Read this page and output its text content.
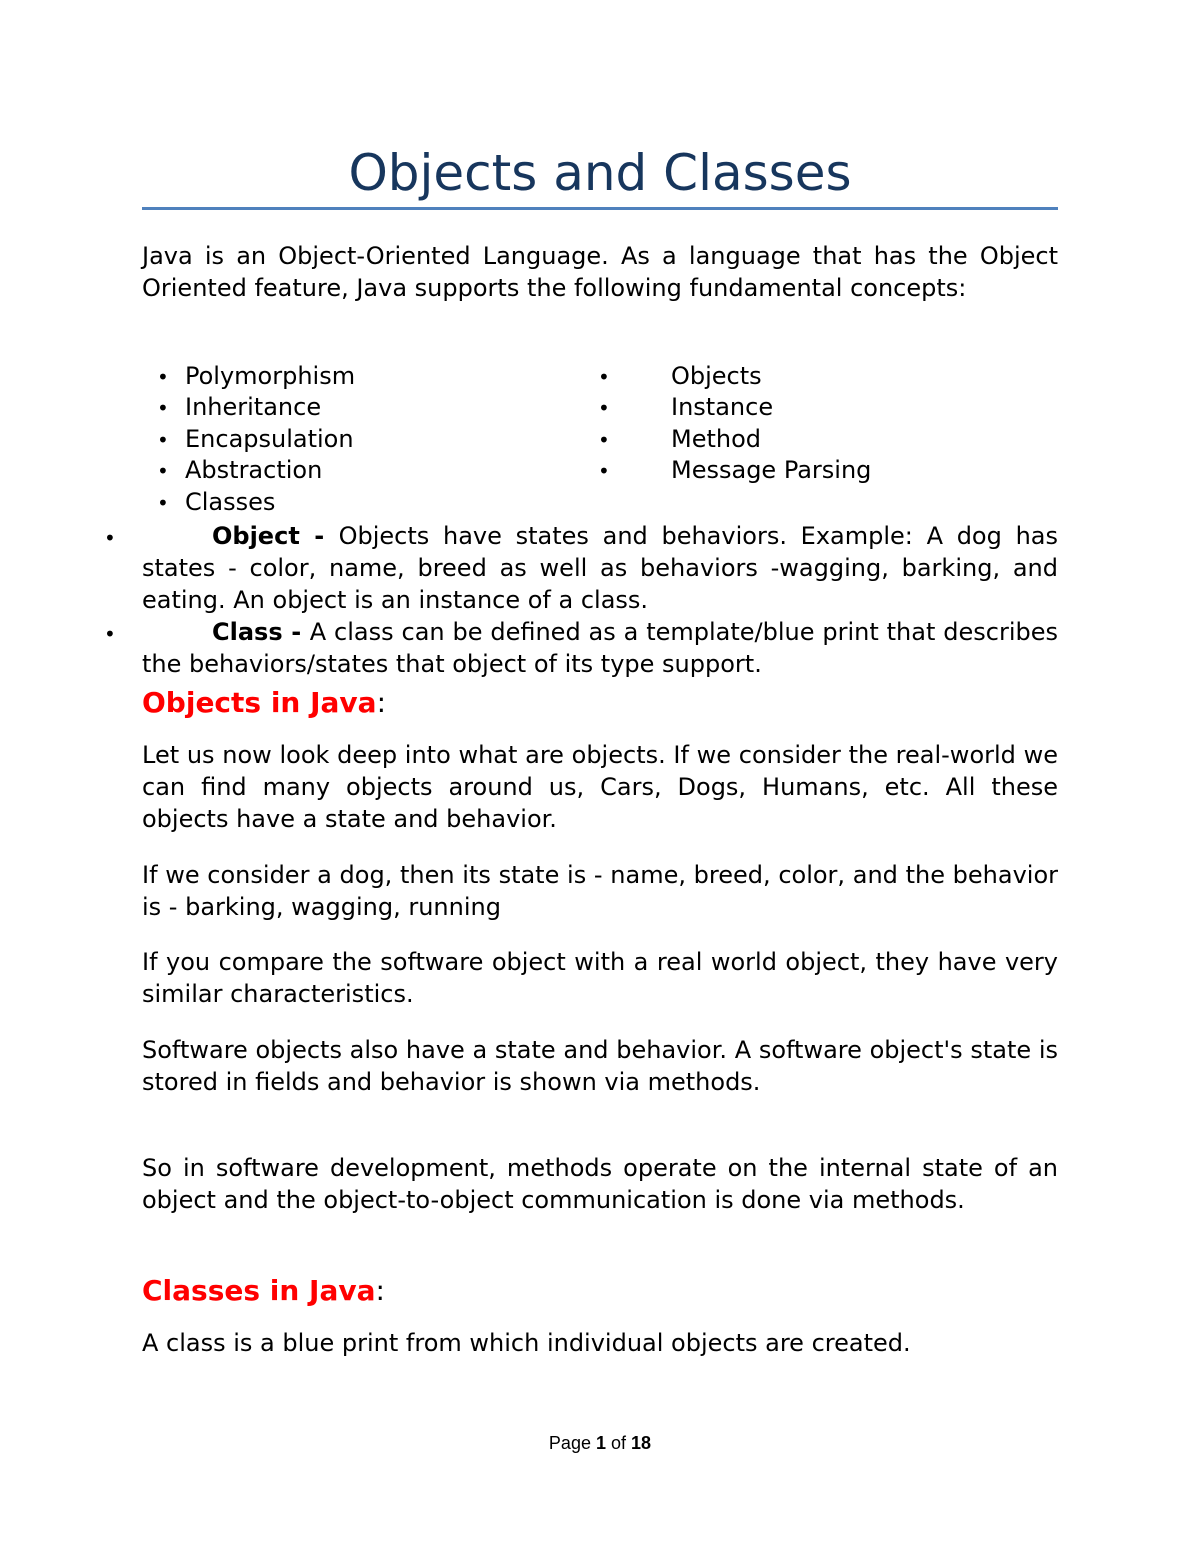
Objects and Classes

Java is an Object-Oriented Language. As a language that has the Object Oriented feature, Java supports the following fundamental concepts:

• Polymorphism
• Inheritance
• Encapsulation
• Abstraction
• Classes
•	Objects
•	Instance
•	Method
•	Message Parsing
•	Object - Objects have states and behaviors. Example: A dog has states - color, name, breed as well as behaviors -wagging, barking, and eating. An object is an instance of a class.

•	Class - A class can be defined as a template/blue print that describes the behaviors/states that object of its type support.

Objects in Java:

Let us now look deep into what are objects. If we consider the real-world we can find many objects around us, Cars, Dogs, Humans, etc. All these objects have a state and behavior.

If we consider a dog, then its state is - name, breed, color, and the behavior is - barking, wagging, running

If you compare the software object with a real world object, they have very similar characteristics.

Software objects also have a state and behavior. A software object's state is stored in fields and behavior is shown via methods.

So in software development, methods operate on the internal state of an object and the object-to-object communication is done via methods.

Classes in Java:

A class is a blue print from which individual objects are created.

Page 1 of 18
